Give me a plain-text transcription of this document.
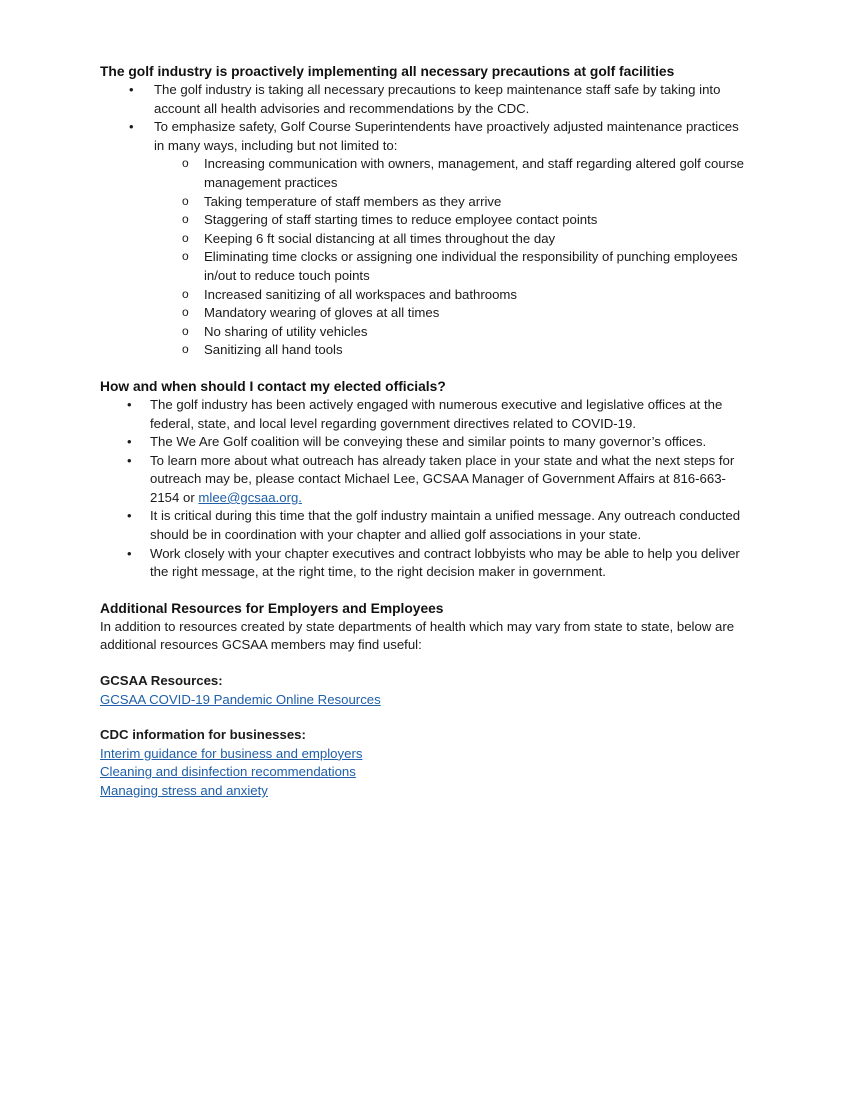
The golf industry is proactively implementing all necessary precautions at golf facilities
• The golf industry is taking all necessary precautions to keep maintenance staff safe by taking into account all health advisories and recommendations by the CDC.
• To emphasize safety, Golf Course Superintendents have proactively adjusted maintenance practices in many ways, including but not limited to:
o Increasing communication with owners, management, and staff regarding altered golf course management practices
o Taking temperature of staff members as they arrive
o Staggering of staff starting times to reduce employee contact points
o Keeping 6 ft social distancing at all times throughout the day
o Eliminating time clocks or assigning one individual the responsibility of punching employees in/out to reduce touch points
o Increased sanitizing of all workspaces and bathrooms
o Mandatory wearing of gloves at all times
o No sharing of utility vehicles
o Sanitizing all hand tools
How and when should I contact my elected officials?
• The golf industry has been actively engaged with numerous executive and legislative offices at the federal, state, and local level regarding government directives related to COVID-19.
• The We Are Golf coalition will be conveying these and similar points to many governor’s offices.
• To learn more about what outreach has already taken place in your state and what the next steps for outreach may be, please contact Michael Lee, GCSAA Manager of Government Affairs at 816-663-2154 or mlee@gcsaa.org.
• It is critical during this time that the golf industry maintain a unified message. Any outreach conducted should be in coordination with your chapter and allied golf associations in your state.
• Work closely with your chapter executives and contract lobbyists who may be able to help you deliver the right message, at the right time, to the right decision maker in government.
Additional Resources for Employers and Employees

In addition to resources created by state departments of health which may vary from state to state, below are additional resources GCSAA members may find useful:

GCSAA Resources:

GCSAA COVID-19 Pandemic Online Resources

CDC information for businesses:

Interim guidance for business and employers

Cleaning and disinfection recommendations

Managing stress and anxiety
